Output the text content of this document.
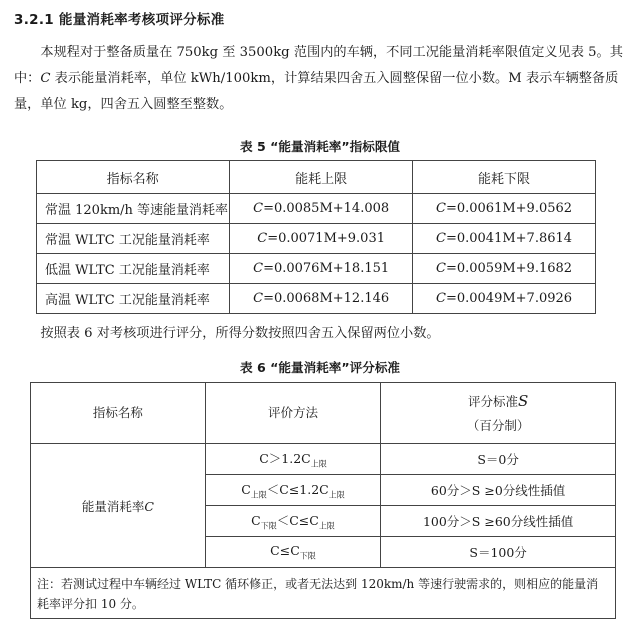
3.2.1 能量消耗率考核项评分标准

本规程对于整备质量在 750kg 至 3500kg 范围内的车辆，不同工况能量消耗率限值定义见表 5。其

中：C 表示能量消耗率，单位 kWh/100km，计算结果四舍五入圆整保留一位小数。M 表示车辆整备质

量，单位 kg，四舍五入圆整至整数。

表 5 “能量消耗率”指标限值
指标名称	能耗上限	能耗下限
常温 120km/h 等速能量消耗率	C=0.0085M+14.008	C=0.0061M+9.0562
常温 WLTC 工况能量消耗率	C=0.0071M+9.031	C=0.0041M+7.8614
低温 WLTC 工况能量消耗率	C=0.0076M+18.151	C=0.0059M+9.1682
高温 WLTC 工况能量消耗率	C=0.0068M+12.146	C=0.0049M+7.0926

按照表 6 对考核项进行评分，所得分数按照四舍五入保留两位小数。

表 6 “能量消耗率”评分标准
指标名称	评价方法	评分标准S
（百分制）
能量消耗率C	$C>1.2C_{上限}$	S＝0分
	$C_{上限}<C\le 1.2C_{上限}$	60分＞S ≥0分线性插值
	$C_{下限}<C\le C_{上限}$	100分＞S ≥60分线性插值
	$C\le C_{下限}$	S＝100分
注：若测试过程中车辆经过 WLTC 循环修正，或者无法达到 120km/h 等速行驶需求的，则相应的能量消耗率评分扣 10 分。		
